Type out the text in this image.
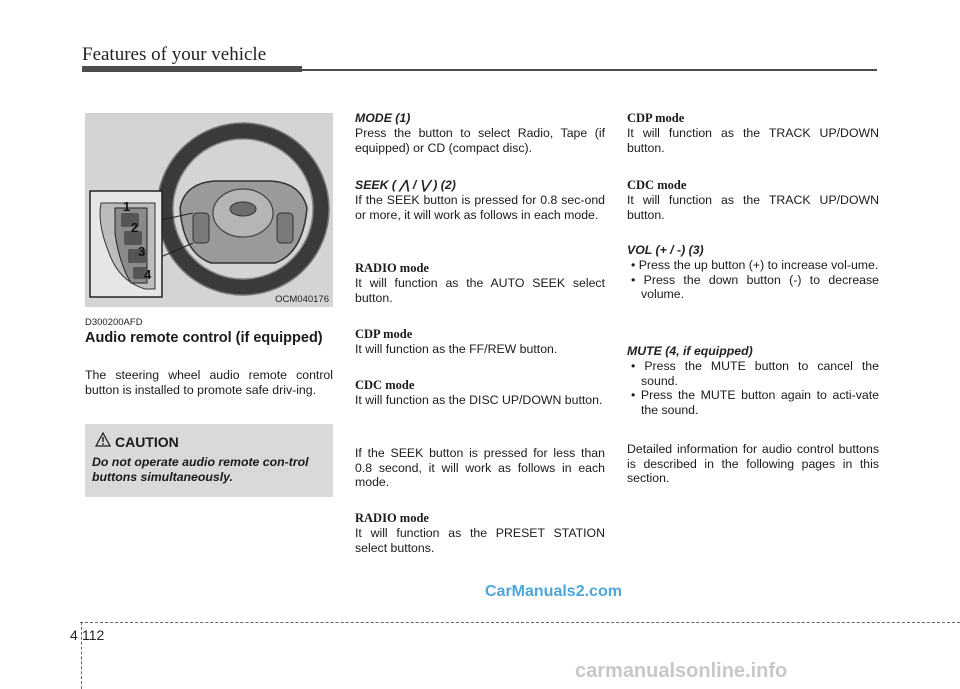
Features of your vehicle
1
2
3
4
OCM040176
D300200AFD
Audio remote control (if equipped)

The steering wheel audio remote control button is installed to promote safe driv-ing.

CAUTION
Do not operate audio remote con-trol buttons simultaneously.

MODE (1)

Press the button to select Radio, Tape (if equipped) or CD (compact disc).

SEEK ( ⋀ / ⋁ ) (2)

If the SEEK button is pressed for 0.8 sec-ond or more, it will work as follows in each mode.

RADIO mode

It will function as the AUTO SEEK select button.

CDP mode

It will function as the FF/REW button.

CDC mode

It will function as the DISC UP/DOWN button.

If the SEEK button is pressed for less than 0.8 second, it will work as follows in each mode.

RADIO mode

It will function as the PRESET STATION select buttons.

CDP mode

It will function as the TRACK UP/DOWN button.

CDC mode

It will function as the TRACK UP/DOWN button.

VOL (+ / -) (3)

• Press the up button (+) to increase vol-ume.
• Press the down button (-) to decrease volume.

MUTE (4, if equipped)

• Press the MUTE button to cancel the sound.
• Press the MUTE button again to acti-vate the sound.

Detailed information for audio control buttons is described in the following pages in this section.

CarManuals2.com
4 112
carmanualsonline.info
